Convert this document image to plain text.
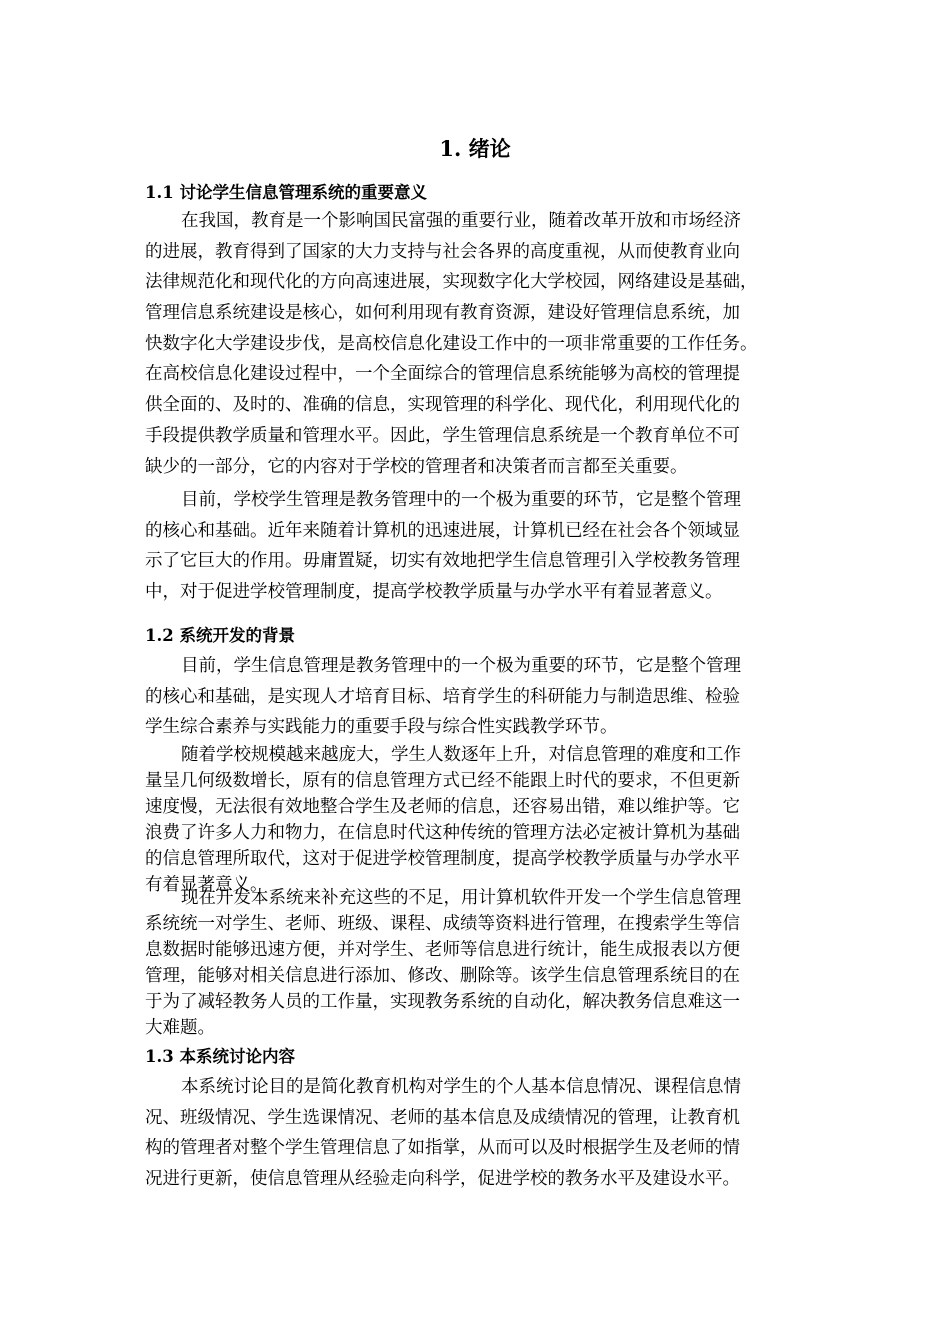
1. 绪论
1.1 讨论学生信息管理系统的重要意义
在我国，教育是一个影响国民富强的重要行业，随着改革开放和市场经济
的进展，教育得到了国家的大力支持与社会各界的高度重视，从而使教育业向
法律规范化和现代化的方向高速进展，实现数字化大学校园，网络建设是基础，
管理信息系统建设是核心，如何利用现有教育资源，建设好管理信息系统，加
快数字化大学建设步伐，是高校信息化建设工作中的一项非常重要的工作任务。
在高校信息化建设过程中，一个全面综合的管理信息系统能够为高校的管理提
供全面的、及时的、准确的信息，实现管理的科学化、现代化，利用现代化的
手段提供教学质量和管理水平。因此，学生管理信息系统是一个教育单位不可
缺少的一部分，它的内容对于学校的管理者和决策者而言都至关重要。
目前，学校学生管理是教务管理中的一个极为重要的环节，它是整个管理
的核心和基础。近年来随着计算机的迅速进展，计算机已经在社会各个领域显
示了它巨大的作用。毋庸置疑，切实有效地把学生信息管理引入学校教务管理
中，对于促进学校管理制度，提高学校教学质量与办学水平有着显著意义。
1.2 系统开发的背景
目前，学生信息管理是教务管理中的一个极为重要的环节，它是整个管理
的核心和基础，是实现人才培育目标、培育学生的科研能力与制造思维、检验
学生综合素养与实践能力的重要手段与综合性实践教学环节。
随着学校规模越来越庞大，学生人数逐年上升，对信息管理的难度和工作
量呈几何级数增长，原有的信息管理方式已经不能跟上时代的要求，不但更新
速度慢，无法很有效地整合学生及老师的信息，还容易出错，难以维护等。它
浪费了许多人力和物力，在信息时代这种传统的管理方法必定被计算机为基础
的信息管理所取代，这对于促进学校管理制度，提高学校教学质量与办学水平
有着显著意义。
现在开发本系统来补充这些的不足，用计算机软件开发一个学生信息管理
系统统一对学生、老师、班级、课程、成绩等资料进行管理，在搜索学生等信
息数据时能够迅速方便，并对学生、老师等信息进行统计，能生成报表以方便
管理，能够对相关信息进行添加、修改、删除等。该学生信息管理系统目的在
于为了减轻教务人员的工作量，实现教务系统的自动化，解决教务信息难这一
大难题。
1.3 本系统讨论内容
本系统讨论目的是简化教育机构对学生的个人基本信息情况、课程信息情
况、班级情况、学生选课情况、老师的基本信息及成绩情况的管理，让教育机
构的管理者对整个学生管理信息了如指掌，从而可以及时根据学生及老师的情
况进行更新，使信息管理从经验走向科学，促进学校的教务水平及建设水平。
